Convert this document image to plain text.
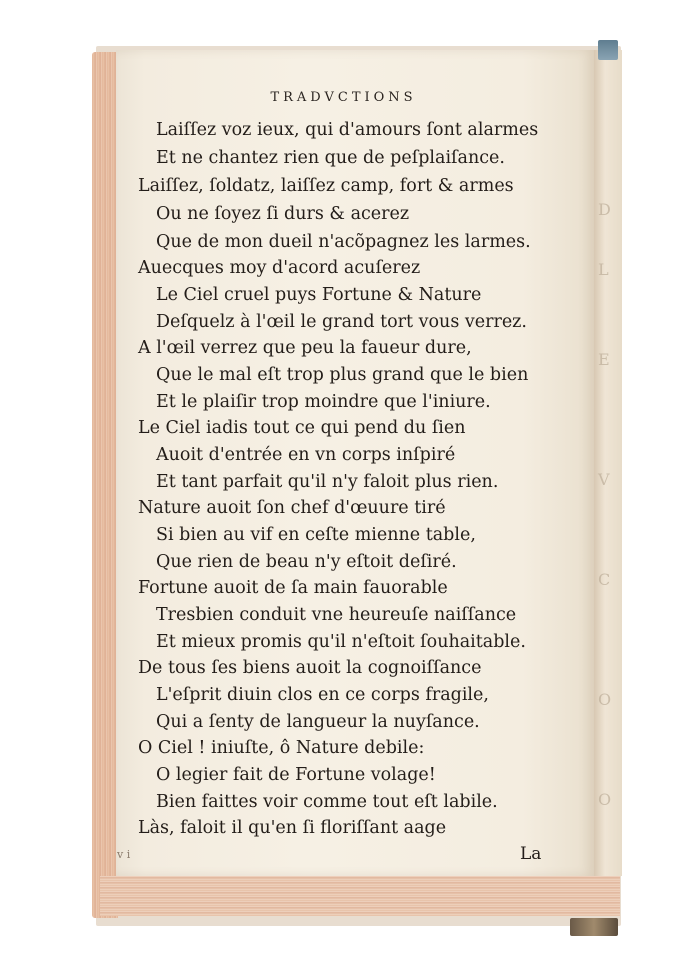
D
L
E
V
C
O
O
TRADVCTIONS
Laiſſez voz ieux, qui d'amours ſont alarmes
Et ne chantez rien que de peſplaiſance.
Laiſſez, ſoldatz, laiſſez camp, fort & armes
Ou ne ſoyez ſi durs & acerez
Que de mon dueil n'acõpagnez les larmes.
Auecques moy d'acord acuſerez
Le Ciel cruel puys Fortune & Nature
Deſquelz à l'œil le grand tort vous verrez.
A l'œil verrez que peu la faueur dure,
Que le mal eſt trop plus grand que le bien
Et le plaiſir trop moindre que l'iniure.
Le Ciel iadis tout ce qui pend du ſien
Auoit d'entrée en vn corps inſpiré
Et tant parfait qu'il n'y faloit plus rien.
Nature auoit ſon chef d'œuure tiré
Si bien au vif en ceſte mienne table,
Que rien de beau n'y eſtoit deſiré.
Fortune auoit de ſa main fauorable
Tresbien conduit vne heureuſe naiſſance
Et mieux promis qu'il n'eſtoit ſouhaitable.
De tous ſes biens auoit la cognoiſſance
L'eſprit diuin clos en ce corps fragile,
Qui a ſenty de langueur la nuyſance.
O Ciel ! iniuſte, ô Nature debile:
O legier fait de Fortune volage!
Bien faittes voir comme tout eſt labile.
Làs, faloit il qu'en ſi floriſſant aage
v i	La
